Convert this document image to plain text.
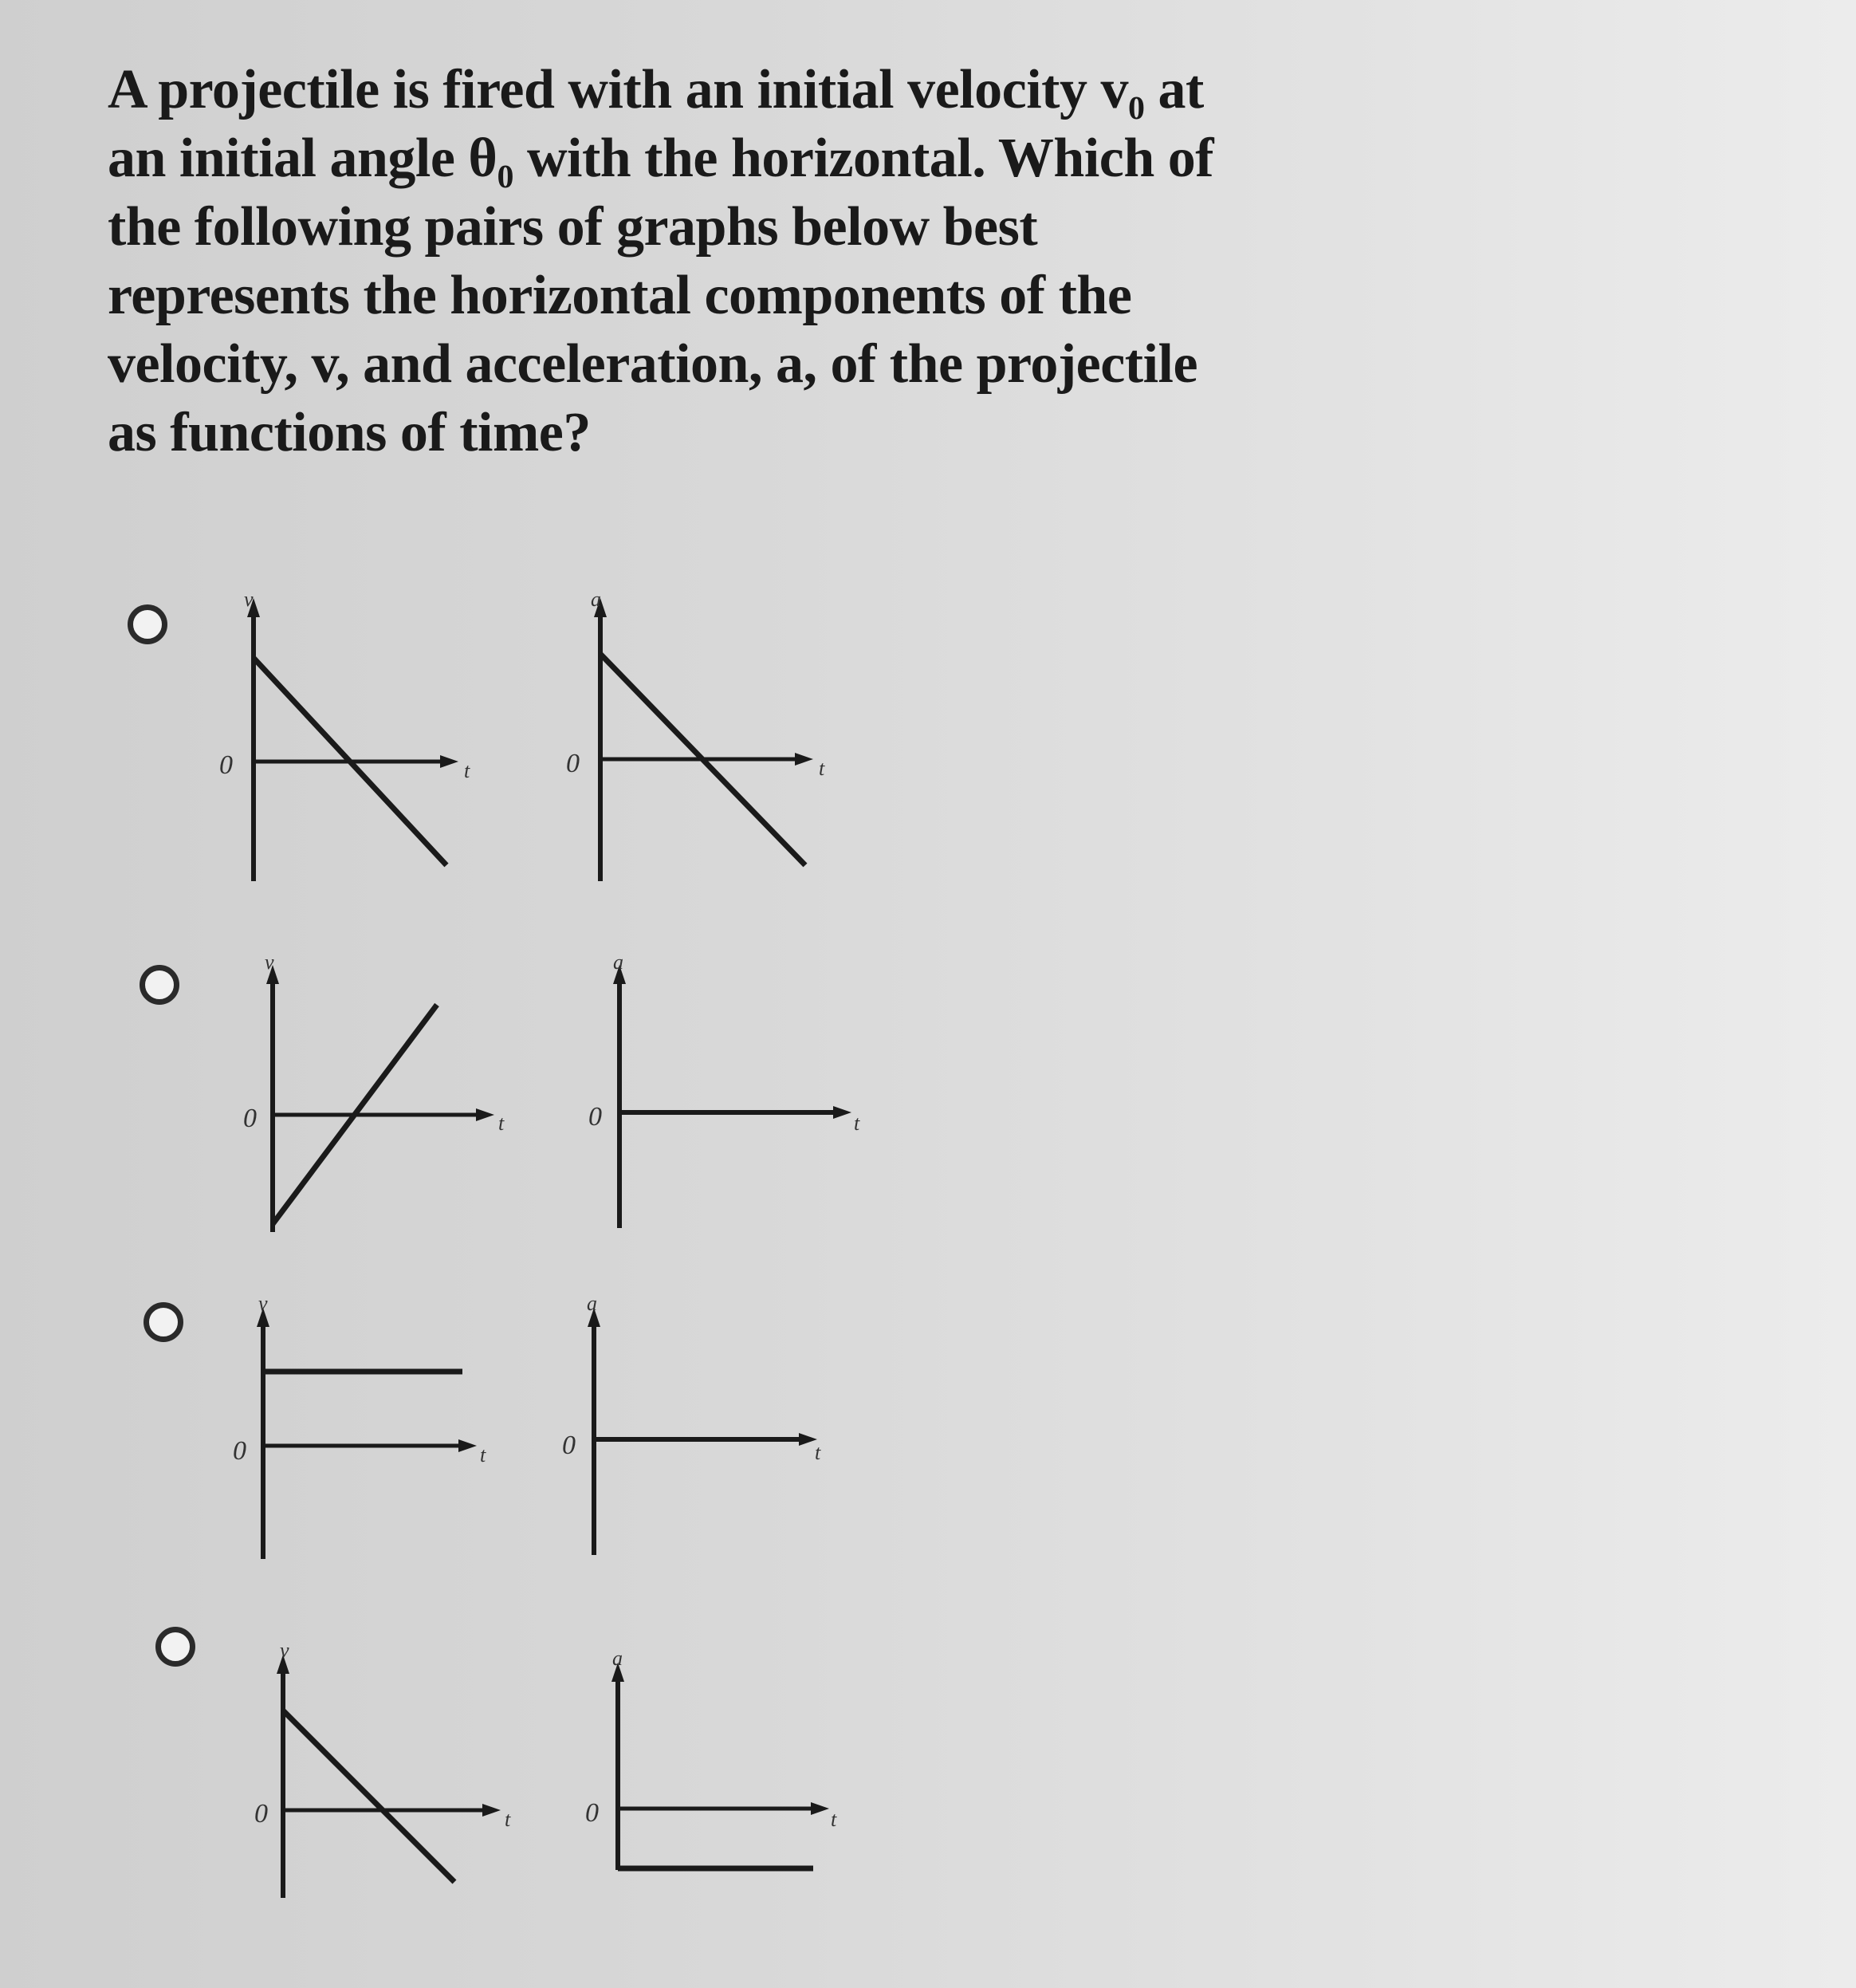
A projectile is fired with an initial velocity v₀ at an initial angle θ₀ with the horizontal. Which of the following pairs of graphs below best represents the horizontal components of the velocity, v, and acceleration, a, of the projectile as functions of time?
v
0	t
a
0	t
v
0	t
a
0	t
v
0	t
a
0	t
v
0	t
a
0	t
